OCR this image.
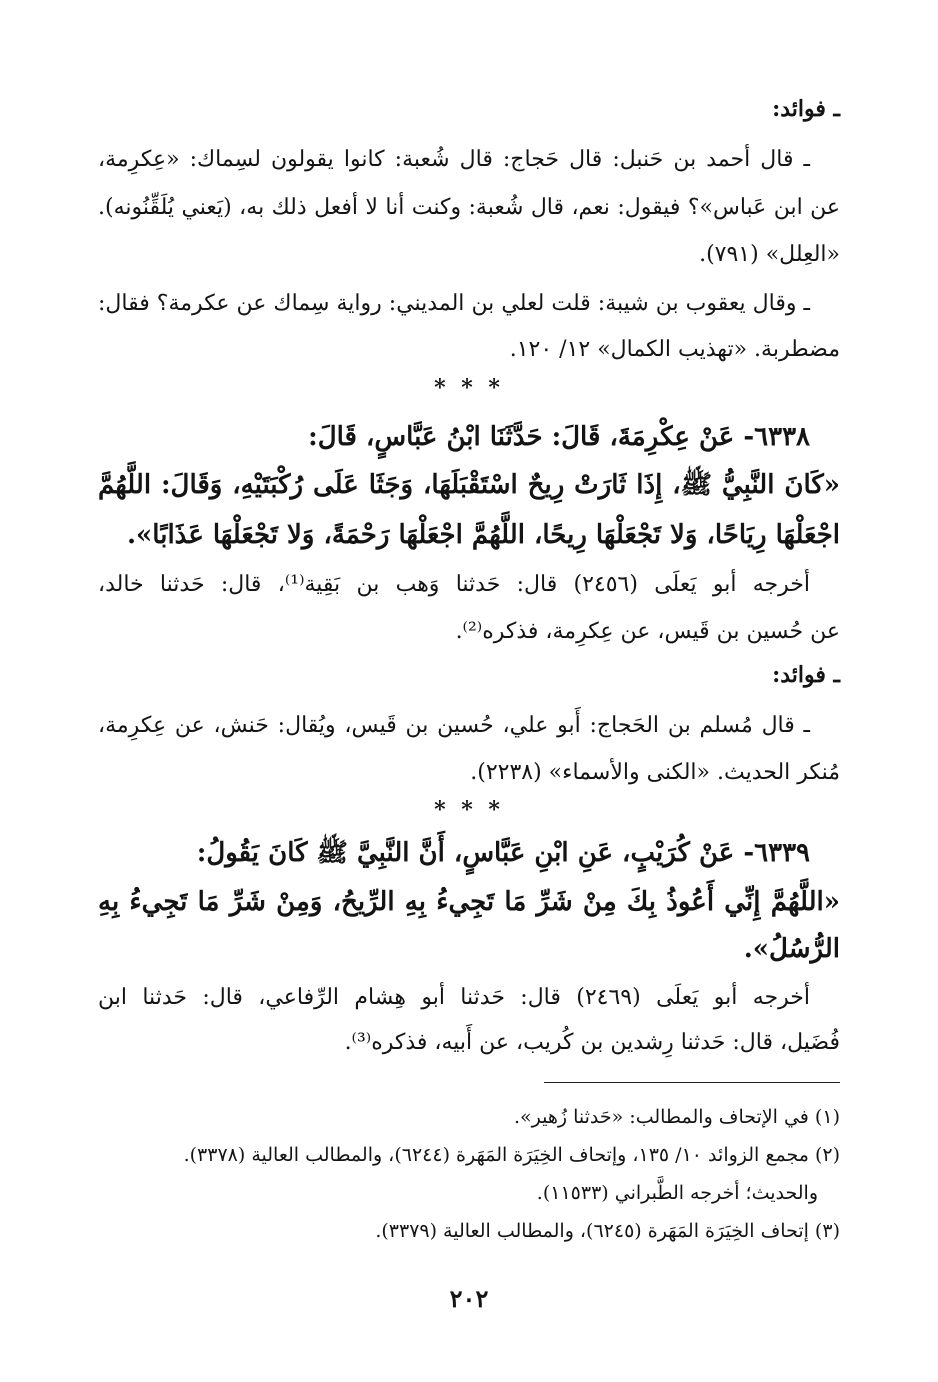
ـ فوائد:
ـ قال أحمد بن حَنبل: قال حَجاج: قال شُعبة: كانوا يقولون لسِماك: «عِكرِمة،
عن ابن عَباس»؟ فيقول: نعم، قال شُعبة: وكنت أنا لا أفعل ذلك به، (يَعني يُلَقِّنُونه).
«العِلل» (٧٩١).
ـ وقال يعقوب بن شيبة: قلت لعلي بن المديني: رواية سِماك عن عكرمة؟ فقال:
مضطربة. «تهذيب الكمال» ١٢/ ١٢٠.
* * *
٦٣٣٨- عَنْ عِكْرِمَةَ، قَالَ: حَدَّثَنَا ابْنُ عَبَّاسٍ، قَالَ:
«كَانَ النَّبِيُّ ﷺ، إِذَا ثَارَتْ رِيحٌ اسْتَقْبَلَهَا، وَجَثَا عَلَى رُكْبَتَيْهِ، وَقَالَ: اللَّهُمَّ
اجْعَلْهَا رِيَاحًا، وَلا تَجْعَلْهَا رِيحًا، اللَّهُمَّ اجْعَلْهَا رَحْمَةً، وَلا تَجْعَلْهَا عَذَابًا».
أخرجه أبو يَعلَى (٢٤٥٦) قال: حَدثنا وَهب بن بَقِية⁽¹⁾، قال: حَدثنا خالد،
عن حُسين بن قَيس، عن عِكرِمة، فذكره⁽²⁾.
ـ فوائد:
ـ قال مُسلم بن الحَجاج: أَبو علي، حُسين بن قَيس، ويُقال: حَنش، عن عِكرِمة،
مُنكر الحديث. «الكنى والأسماء» (٢٢٣٨).
* * *
٦٣٣٩- عَنْ كُرَيْبٍ، عَنِ ابْنِ عَبَّاسٍ، أَنَّ النَّبِيَّ ﷺ كَانَ يَقُولُ:
«اللَّهُمَّ إِنِّي أَعُوذُ بِكَ مِنْ شَرِّ مَا تَجِيءُ بِهِ الرِّيحُ، وَمِنْ شَرِّ مَا تَجِيءُ بِهِ
الرُّسُلُ».
أخرجه أبو يَعلَى (٢٤٦٩) قال: حَدثنا أبو هِشام الرِّفاعي، قال: حَدثنا ابن
فُضَيل، قال: حَدثنا رِشدين بن كُريب، عن أَبيه، فذكره⁽³⁾.
(١) في الإتحاف والمطالب: «حَدثنا زُهير».
(٢) مجمع الزوائد ١٠/ ١٣٥، وإتحاف الخِيَرَة المَهَرة (٦٢٤٤)، والمطالب العالية (٣٣٧٨).
والحديث؛ أخرجه الطَّبراني (١١٥٣٣).
(٣) إتحاف الخِيَرَة المَهَرة (٦٢٤٥)، والمطالب العالية (٣٣٧٩).
٢٠٢
